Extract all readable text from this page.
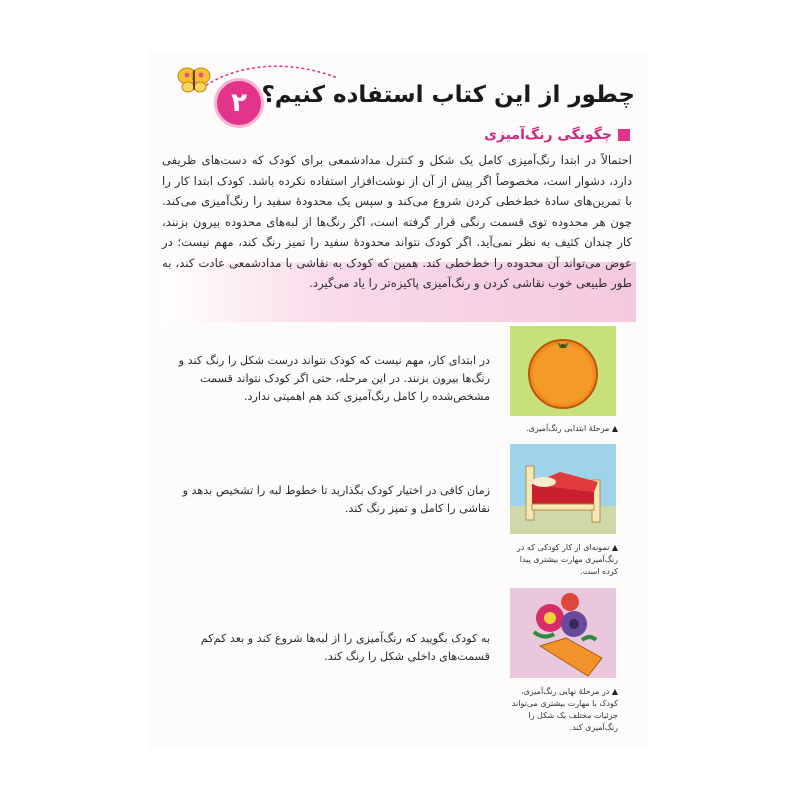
۲ چطور از این کتاب استفاده کنیم؟
چگونگی رنگ‌آمیزی
احتمالاً در ابتدا رنگ‌آمیزی کامل یک شکل و کنترل مداد‌شمعی برای کودک که دست‌های ظریفی دارد، دشوار است، مخصوصاً اگر پیش از آن از نوشت‌افزار استفاده نکرده باشد. کودک ابتدا کار را با تمرین‌های سادهٔ خط‌خطی کردن شروع می‌کند و سپس یک محدودهٔ سفید را رنگ‌آمیزی می‌کند. چون هر محدوده توی قسمت رنگی قرار گرفته است، اگر رنگ‌ها از لبه‌های محدوده بیرون بزنند، کار چندان کثیف به نظر نمی‌آید. اگر کودک نتواند محدودهٔ سفید را تمیز رنگ کند، مهم نیست؛ در عوض می‌تواند آن محدوده را خط‌خطی کند. همین که کودک به نقاشی با مداد‌شمعی عادت کند، به طور طبیعی خوب نقاشی کردن و رنگ‌آمیزی پاکیزه‌تر را یاد می‌گیرد.
▲ مرحلهٔ ابتدایی رنگ‌آمیزی.
در ابتدای کار، مهم نیست که کودک نتواند درست شکل را رنگ کند و رنگ‌ها بیرون بزنند. در این مرحله، حتی اگر کودک نتواند قسمت مشخص‌شده را کامل رنگ‌آمیزی کند هم اهمیتی ندارد.
▲ نمونه‌ای از کار کودکی که در رنگ‌آمیزی مهارت بیشتری پیدا کرده است.
زمان کافی در اختیار کودک بگذارید تا خطوط لبه را تشخیص بدهد و نقاشی را کامل و تمیز رنگ کند.
▲ در مرحلهٔ نهایی رنگ‌آمیزی، کودک با مهارت بیشتری می‌تواند جزئیات مختلف یک شکل را رنگ‌آمیزی کند.
به کودک بگویید که رنگ‌آمیزی را از لبه‌ها شروع کند و بعد کم‌کم قسمت‌های داخلی شکل را رنگ کند.
